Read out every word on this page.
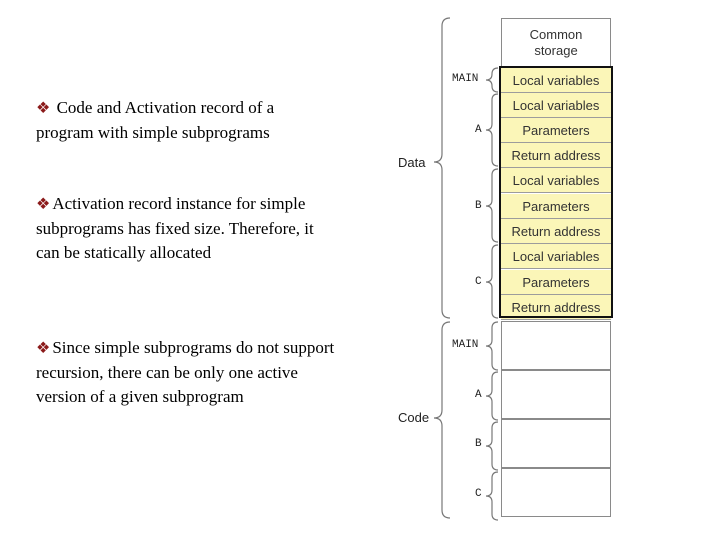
❖ Code and Activation record of a program with simple subprograms
❖ Activation record instance for simple subprograms has fixed size. Therefore, it can be statically allocated
❖ Since simple subprograms do not support recursion, there can be only one active version of a given subprogram
Common
storage
Local variables
Local variables
Parameters
Return address
Local variables
Parameters
Return address
Local variables
Parameters
Return address
Data
Code
MAIN
A
B
C
MAIN
A
B
C
